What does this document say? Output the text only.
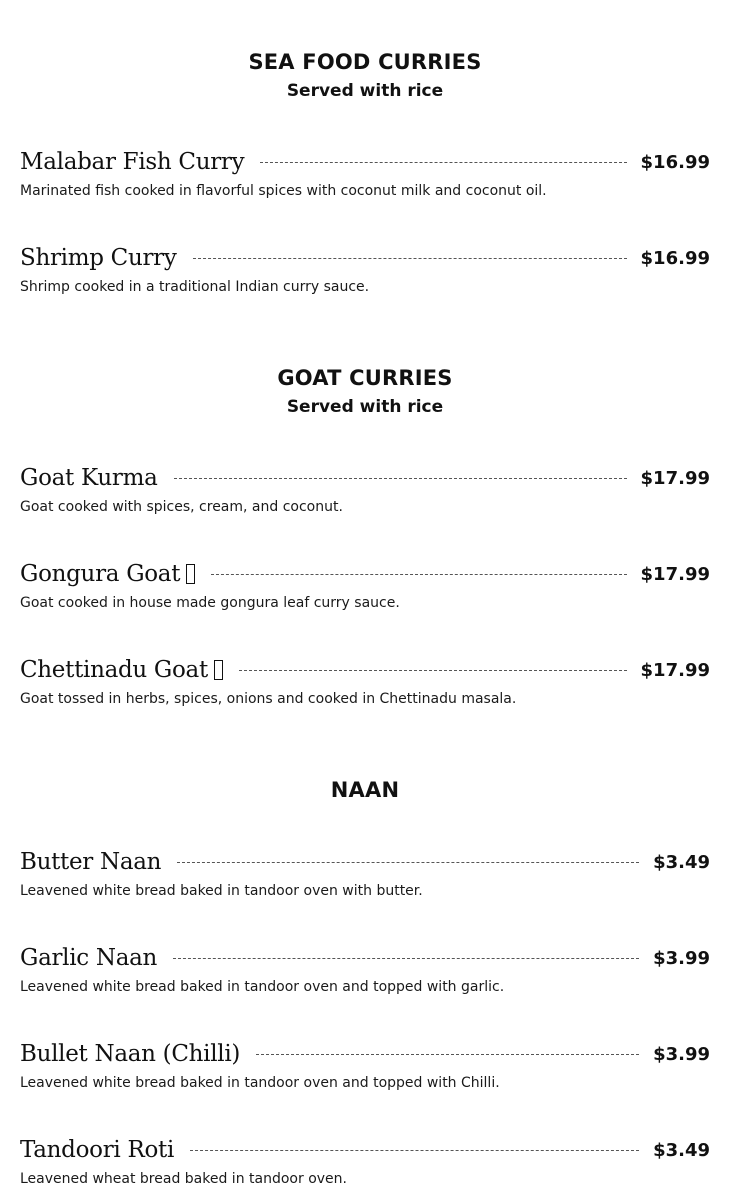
SEA FOOD CURRIES
Served with rice
Malabar Fish Curry	$16.99
Marinated fish cooked in flavorful spices with coconut milk and coconut oil.
Shrimp Curry	$16.99
Shrimp cooked in a traditional Indian curry sauce.
GOAT CURRIES
Served with rice
Goat Kurma	$17.99
Goat cooked with spices, cream, and coconut.
Gongura Goat	$17.99
Goat cooked in house made gongura leaf curry sauce.
Chettinadu Goat	$17.99
Goat tossed in herbs, spices, onions and cooked in Chettinadu masala.
NAAN
Butter Naan	$3.49
Leavened white bread baked in tandoor oven with butter.
Garlic Naan	$3.99
Leavened white bread baked in tandoor oven and topped with garlic.
Bullet Naan (Chilli)	$3.99
Leavened white bread baked in tandoor oven and topped with Chilli.
Tandoori Roti	$3.49
Leavened wheat bread baked in tandoor oven.
